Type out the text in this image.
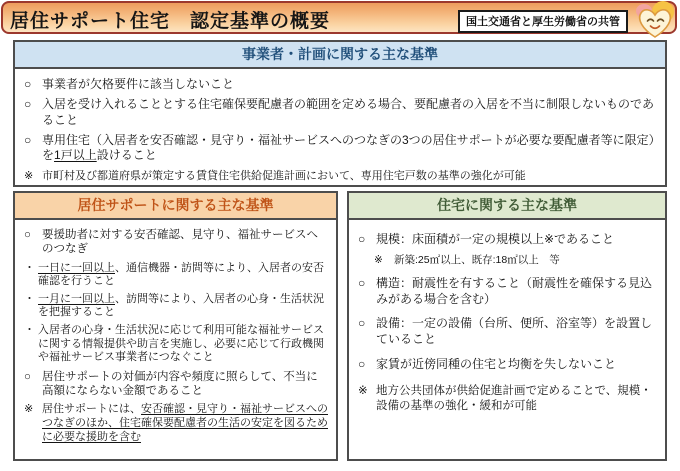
居住サポート住宅　認定基準の概要	国土交通省と厚生労働省の共管
事業者・計画に関する主な基準
○ 事業者が欠格要件に該当しないこと
○ 入居を受け入れることとする住宅確保要配慮者の範囲を定める場合、要配慮者の入居を不当に制限しないものであること
○ 専用住宅（入居者を安否確認・見守り・福祉サービスへのつなぎの3つの居住サポートが必要な要配慮者等に限定）を1戸以上設けること
※ 市町村及び都道府県が策定する賃貸住宅供給促進計画において、専用住宅戸数の基準の強化が可能
居住サポートに関する主な基準
○ 要援助者に対する安否確認、見守り、福祉サービスへのつなぎ
・ 一日に一回以上、通信機器・訪問等により、入居者の安否確認を行うこと
・ 一月に一回以上、訪問等により、入居者の心身・生活状況を把握すること
・ 入居者の心身・生活状況に応じて利用可能な福祉サービスに関する情報提供や助言を実施し、必要に応じて行政機関や福祉サービス事業者につなぐこと
○ 居住サポートの対価が内容や頻度に照らして、不当に高額にならない金額であること
※ 居住サポートには、安否確認・見守り・福祉サービスへのつなぎのほか、住宅確保要配慮者の生活の安定を図るために必要な援助を含む
住宅に関する主な基準
○ 規模：床面積が一定の規模以上※であること
※	新築:25㎡以上、既存:18㎡以上　等
○ 構造：耐震性を有すること（耐震性を確保する見込みがある場合を含む）
○ 設備：一定の設備（台所、便所、浴室等）を設置していること
○ 家賃が近傍同種の住宅と均衡を失しないこと
※ 地方公共団体が供給促進計画で定めることで、規模・設備の基準の強化・緩和が可能
